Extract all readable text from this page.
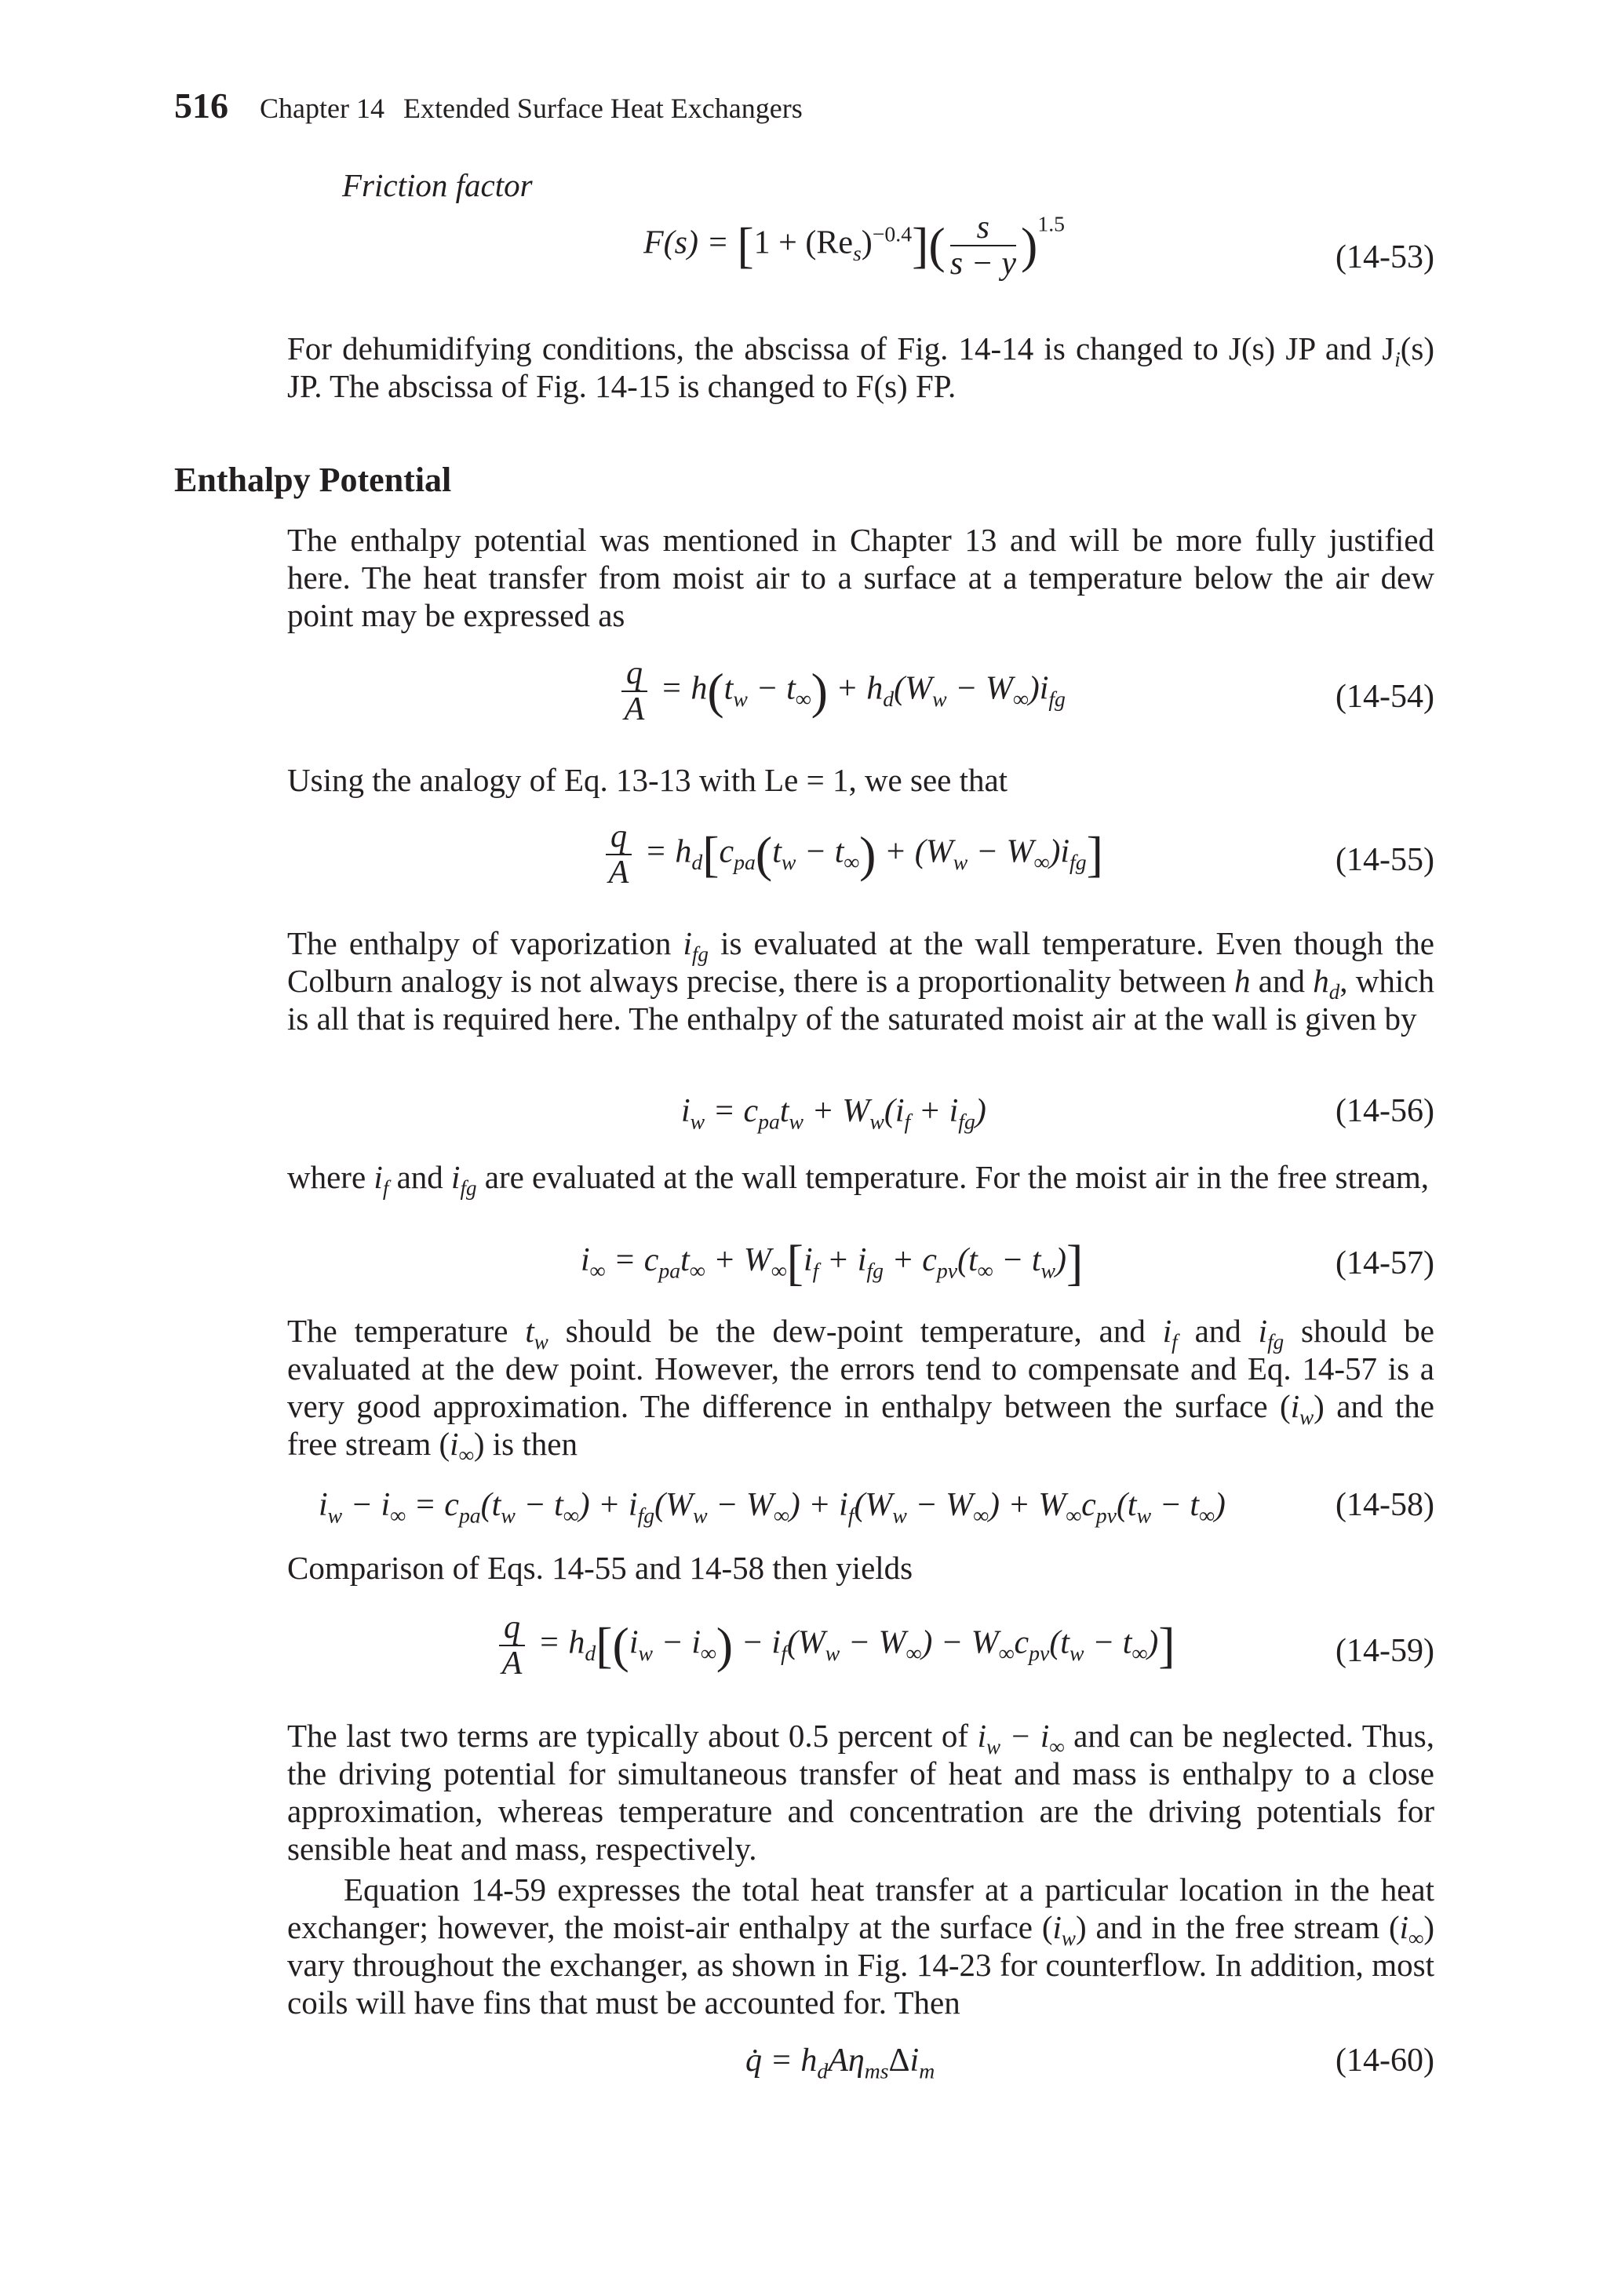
516 Chapter 14 Extended Surface Heat Exchangers
Friction factor
$F(s) = [1 + (Re_s)^{-0.4}]( \frac{s}{s - y} )^{1.5}$
(14-53)
For dehumidifying conditions, the abscissa of Fig. 14-14 is changed to J(s) JP and $J_i(s)$ JP. The abscissa of Fig. 14-15 is changed to F(s) FP.
Enthalpy Potential
The enthalpy potential was mentioned in Chapter 13 and will be more fully justified here. The heat transfer from moist air to a surface at a temperature below the air dew point may be expressed as
$\frac{q}{A} = h(t_w - t_\infty) + h_d(W_w - W_\infty)i_{fg}$	(14-54)
Using the analogy of Eq. 13-13 with Le = 1, we see that
$\frac{q}{A} = h_d[c_{pa}(t_w - t_\infty) + (W_w - W_\infty)i_{fg}]$	(14-55)
The enthalpy of vaporization $i_{fg}$ is evaluated at the wall temperature. Even though the Colburn analogy is not always precise, there is a proportionality between h and $h_d$, which is all that is required here. The enthalpy of the saturated moist air at the wall is given by
$i_w = c_{pa}t_w + W_w(i_f + i_{fg})$	(14-56)
where $i_f$ and $i_{fg}$ are evaluated at the wall temperature. For the moist air in the free stream,
$i_\infty = c_{pa}t_\infty + W_\infty[i_f + i_{fg} + c_{pv}(t_\infty - t_w)]$	(14-57)
The temperature $t_w$ should be the dew-point temperature, and $i_f$ and $i_{fg}$ should be evaluated at the dew point. However, the errors tend to compensate and Eq. 14-57 is a very good approximation. The difference in enthalpy between the surface $(i_w)$ and the free stream $(i_\infty)$ is then
$i_w - i_\infty = c_{pa}(t_w - t_\infty) + i_{fg}(W_w - W_\infty) + i_f(W_w - W_\infty) + W_\infty c_{pv}(t_w - t_\infty)$	(14-58)
Comparison of Eqs. 14-55 and 14-58 then yields
$\frac{q}{A} = h_d[(i_w - i_\infty) - i_f(W_w - W_\infty) - W_\infty c_{pv}(t_w - t_\infty)]$	(14-59)
The last two terms are typically about 0.5 percent of $i_w - i_\infty$ and can be neglected. Thus, the driving potential for simultaneous transfer of heat and mass is enthalpy to a close approximation, whereas temperature and concentration are the driving potentials for sensible heat and mass, respectively.
Equation 14-59 expresses the total heat transfer at a particular location in the heat exchanger; however, the moist-air enthalpy at the surface $(i_w)$ and in the free stream $(i_\infty)$ vary throughout the exchanger, as shown in Fig. 14-23 for counterflow. In addition, most coils will have fins that must be accounted for. Then
q̇ = $h_dA\eta_{ms}\Delta i_m$	(14-60)
